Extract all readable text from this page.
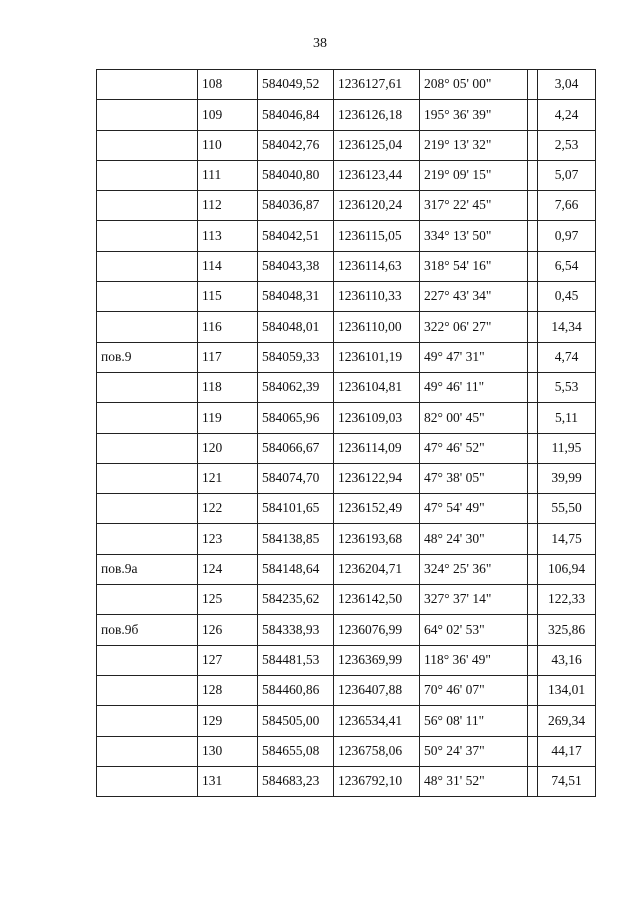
38
	108	584049,52	1236127,61	208° 05' 00"		3,04
	109	584046,84	1236126,18	195° 36' 39"		4,24
	110	584042,76	1236125,04	219° 13' 32"		2,53
	111	584040,80	1236123,44	219° 09' 15"		5,07
	112	584036,87	1236120,24	317° 22' 45"		7,66
	113	584042,51	1236115,05	334° 13' 50"		0,97
	114	584043,38	1236114,63	318° 54' 16"		6,54
	115	584048,31	1236110,33	227° 43' 34"		0,45
	116	584048,01	1236110,00	322° 06' 27"		14,34
пов.9	117	584059,33	1236101,19	49° 47' 31"		4,74
	118	584062,39	1236104,81	49° 46' 11"		5,53
	119	584065,96	1236109,03	82° 00' 45"		5,11
	120	584066,67	1236114,09	47° 46' 52"		11,95
	121	584074,70	1236122,94	47° 38' 05"		39,99
	122	584101,65	1236152,49	47° 54' 49"		55,50
	123	584138,85	1236193,68	48° 24' 30"		14,75
пов.9а	124	584148,64	1236204,71	324° 25' 36"		106,94
	125	584235,62	1236142,50	327° 37' 14"		122,33
пов.9б	126	584338,93	1236076,99	64° 02' 53"		325,86
	127	584481,53	1236369,99	118° 36' 49"		43,16
	128	584460,86	1236407,88	70° 46' 07"		134,01
	129	584505,00	1236534,41	56° 08' 11"		269,34
	130	584655,08	1236758,06	50° 24' 37"		44,17
	131	584683,23	1236792,10	48° 31' 52"		74,51
